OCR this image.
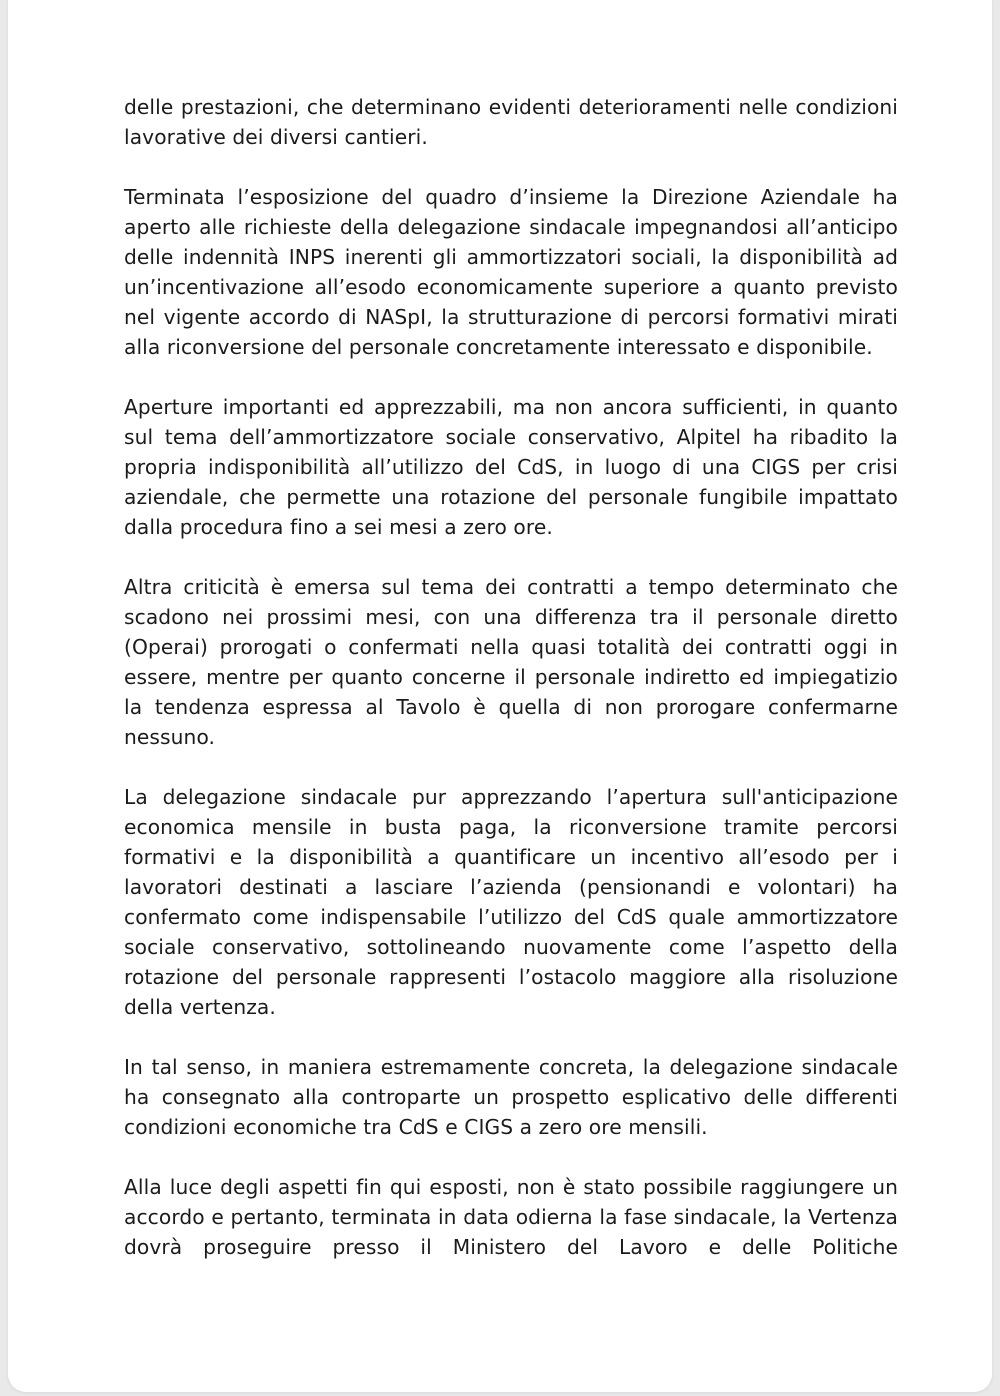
delle prestazioni, che determinano evidenti deterioramenti nelle condizioni lavorative dei diversi cantieri.

Terminata l’esposizione del quadro d’insieme la Direzione Aziendale ha aperto alle richieste della delegazione sindacale impegnandosi all’anticipo delle indennità INPS inerenti gli ammortizzatori sociali, la disponibilità ad un’incentivazione all’esodo economicamente superiore a quanto previsto nel vigente accordo di NASpI, la strutturazione di percorsi formativi mirati alla riconversione del personale concretamente interessato e disponibile.

Aperture importanti ed apprezzabili, ma non ancora sufficienti, in quanto sul tema dell’ammortizzatore sociale conservativo, Alpitel ha ribadito la propria indisponibilità all’utilizzo del CdS, in luogo di una CIGS per crisi aziendale, che permette una rotazione del personale fungibile impattato dalla procedura fino a sei mesi a zero ore.

Altra criticità è emersa sul tema dei contratti a tempo determinato che scadono nei prossimi mesi, con una differenza tra il personale diretto (Operai) prorogati o confermati nella quasi totalità dei contratti oggi in essere, mentre per quanto concerne il personale indiretto ed impiegatizio la tendenza espressa al Tavolo è quella di non prorogare confermarne nessuno.

La delegazione sindacale pur apprezzando l’apertura sull'anticipazione economica mensile in busta paga, la riconversione tramite percorsi formativi e la disponibilità a quantificare un incentivo all’esodo per i lavoratori destinati a lasciare l’azienda (pensionandi e volontari) ha confermato come indispensabile l’utilizzo del CdS quale ammortizzatore sociale conservativo, sottolineando nuovamente come l’aspetto della rotazione del personale rappresenti l’ostacolo maggiore alla risoluzione della vertenza.

In tal senso, in maniera estremamente concreta, la delegazione sindacale ha consegnato alla controparte un prospetto esplicativo delle differenti condizioni economiche tra CdS e CIGS a zero ore mensili.

Alla luce degli aspetti fin qui esposti, non è stato possibile raggiungere un accordo e pertanto, terminata in data odierna la fase sindacale, la Vertenza dovrà proseguire presso il Ministero del Lavoro e delle Politiche
